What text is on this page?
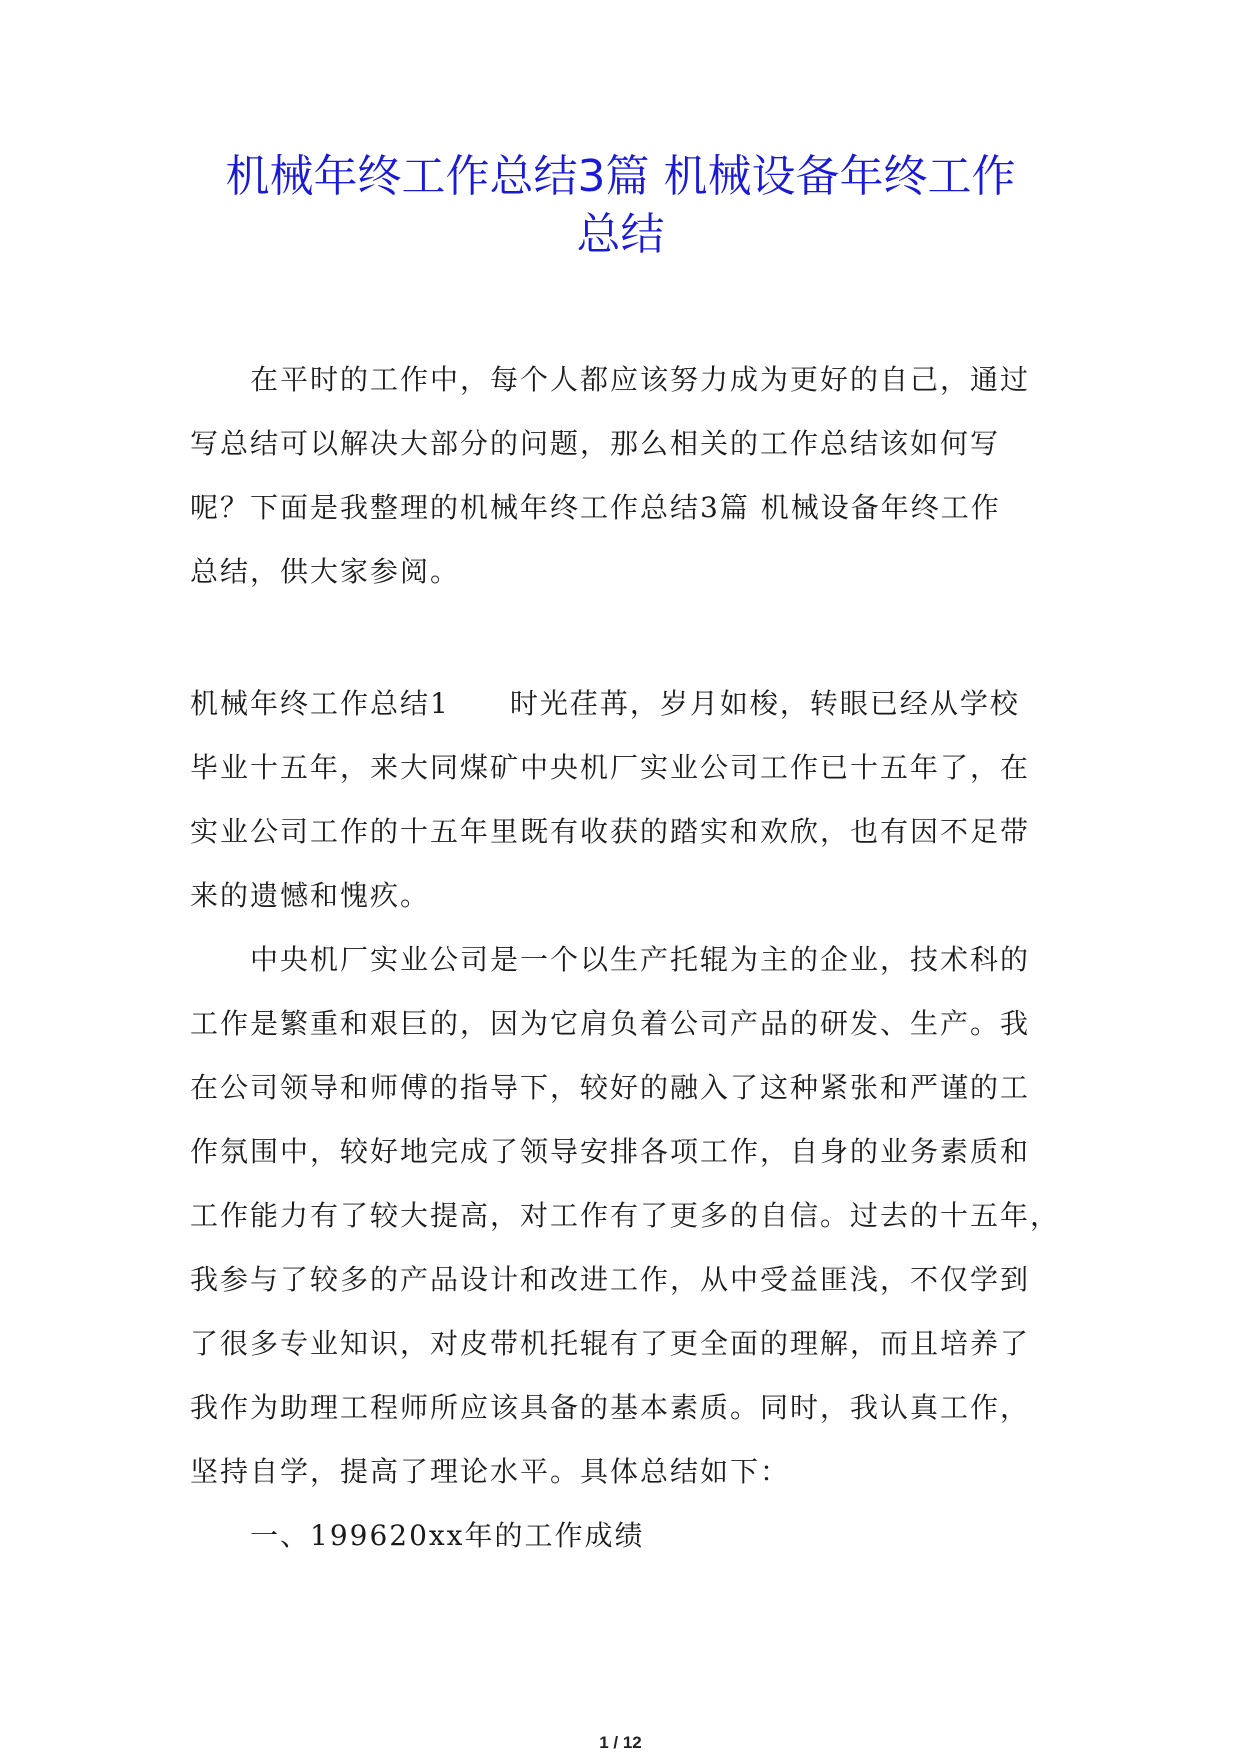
机械年终工作总结3篇 机械设备年终工作
总结
　　在平时的工作中，每个人都应该努力成为更好的自己，通过
写总结可以解决大部分的问题，那么相关的工作总结该如何写
呢？下面是我整理的机械年终工作总结3篇 机械设备年终工作
总结，供大家参阅。
机械年终工作总结1　　时光荏苒，岁月如梭，转眼已经从学校
毕业十五年，来大同煤矿中央机厂实业公司工作已十五年了，在
实业公司工作的十五年里既有收获的踏实和欢欣，也有因不足带
来的遗憾和愧疚。
　　中央机厂实业公司是一个以生产托辊为主的企业，技术科的
工作是繁重和艰巨的，因为它肩负着公司产品的研发、生产。我
在公司领导和师傅的指导下，较好的融入了这种紧张和严谨的工
作氛围中，较好地完成了领导安排各项工作，自身的业务素质和
工作能力有了较大提高，对工作有了更多的自信。过去的十五年，
我参与了较多的产品设计和改进工作，从中受益匪浅，不仅学到
了很多专业知识，对皮带机托辊有了更全面的理解，而且培养了
我作为助理工程师所应该具备的基本素质。同时，我认真工作，
坚持自学，提高了理论水平。具体总结如下：
　　一、199620xx年的工作成绩
1 / 12
